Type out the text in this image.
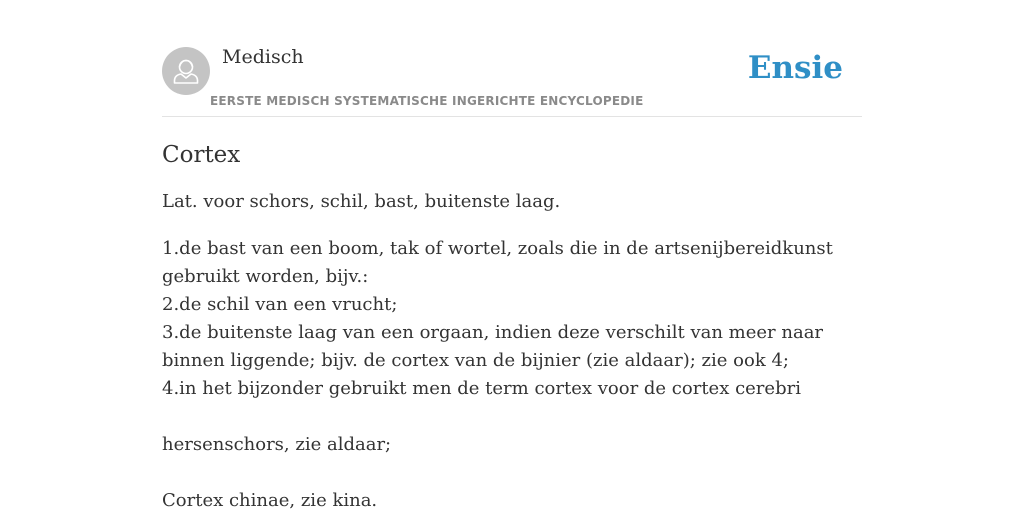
Medisch
EERSTE MEDISCH SYSTEMATISCHE INGERICHTE ENCYCLOPEDIE
Ensie
Cortex

Lat. voor schors, schil, bast, buitenste laag.

1.de bast van een boom, tak of wortel, zoals die in de artsenijbereidkunst gebruikt worden, bijv.:
2.de schil van een vrucht;
3.de buitenste laag van een orgaan, indien deze verschilt van meer naar binnen liggende; bijv. de cortex van de bijnier (zie aldaar); zie ook 4;
4.in het bijzonder gebruikt men de term cortex voor de cortex cerebri
hersenschors, zie aldaar;
Cortex chinae, zie kina.
